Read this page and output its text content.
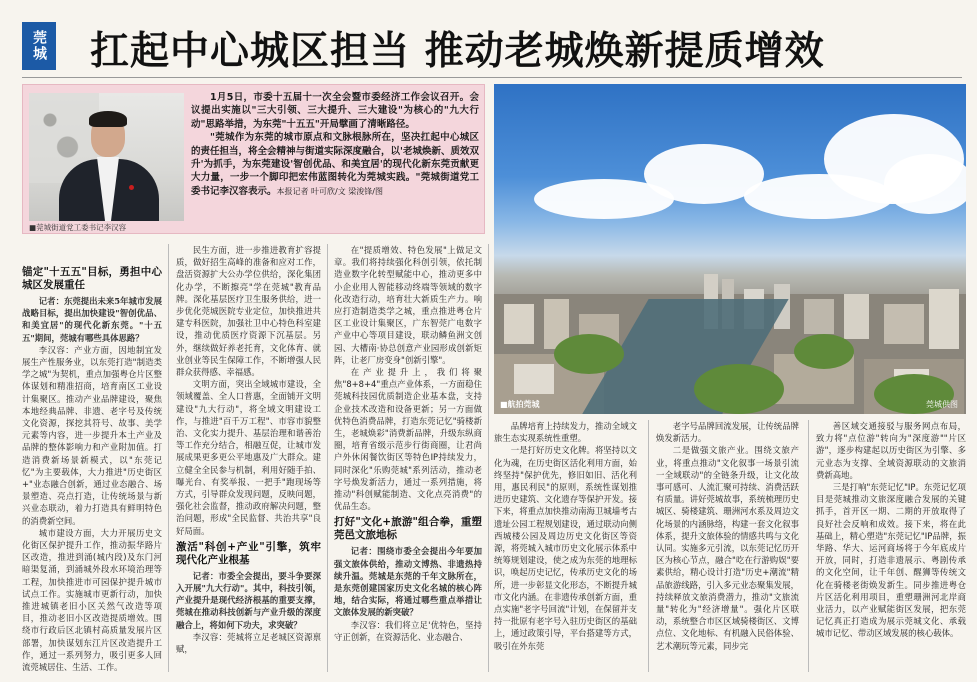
莞城 扛起中心城区担当 推动老城焕新提质增效
■莞城街道党工委书记李汉容

1月5日，市委十五届十一次全会暨市委经济工作会议召开。会议提出实施以"三大引领、三大提升、三大建设"为核心的"九大行动"思路举措，为东莞"十五五"开局擘画了清晰路径。

"莞城作为东莞的城市原点和文脉根脉所在，坚决扛起中心城区的责任担当，将全会精神与街道实际深度融合，以'老城焕新、质效双升'为抓手，为东莞建设'智创优品、和美宜居'的现代化新东莞贡献更大力量，一步一个脚印把宏伟蓝图转化为莞城实践。"莞城街道党工委书记李汉容表示。本报记者 叶可欣/文 梁浚锋/图

■航拍莞城	莞城供图
锚定"十五五"目标，勇担中心城区发展重任

记者：东莞提出未来5年城市发展战略目标，提出加快建设"智创优品、和美宜居"的现代化新东莞。"十五五"期间，莞城有哪些具体思路？

李汉容：产业方面，因地制宜发展生产性服务业，以东莞打造"制造类学之城"为契机，重点加强粤仓片区整体谋划和精准招商，培育南区工业设计集聚区。推动产业品牌建设，聚焦本地经典品牌、非遗、老字号及传统文化资源，探挖其符号、故事、美学元素等内容，进一步提升本土产业及品牌的整体影响力和产业附加值。打造消费新场景新模式，以"东莞记忆"为主要载体，大力推进"历史街区+"业态融合创新，通过业态融合、场景塑造、亮点打造，让传统场景与新兴业态联动，着力打造具有鲜明特色的消费新空间。

城市建设方面，大力开展历史文化街区保护提升工作，推动振华路片区改造，推进到涌(城内段)及东门河暗渠复涌，到涌城外段水环境治理等工程，加快推进市可园保护提升城市试点工作。实施城市更新行动，加快推进城镇老旧小区关然气改造等项目，推动老旧小区改造提质增效。围绕市行政后区北镇村高质量发展片区部署，加快谋划东江片区改造提升工作，通过一系列努力，吸引更多人回流莞城居住、生活、工作。

民生方面，进一步推进教育扩容提质，做好招生高峰的准备和应对工作，盘活资源扩大公办学位供给，深化集团化办学，不断擦亮"学在莞城"教育品牌。深化基层医疗卫生服务供给，进一步优化莞城医院专业定位，加快推进共建专科医院，加强社卫中心特色科室建设，推动优质医疗资源下沉基层。另外，继续做好养老托育，文化体育、就业创业等民生保障工作，不断增强人民群众获得感、幸福感。

文明方面，突出全域城市建设，全领域覆盖、全人口普惠，全面铺开文明建设"九大行动"，将全域文明建设工作，与推进"百千万工程"、市容市貌整治、文化实力提升、基层治理和谐善治等工作充分结合，相融互促，让城市发展成果更多更公平地惠及广大群众。建立健全全民参与机制，利用好随手拍、曝光台、有奖举报、一把手"跑现场等方式，引导群众发现问题，反映问题，强化社会监督，推动政府解决问题，整治问题，形成"全民监督、共治共享"良好局面。

激活"科创+产业"引擎，筑牢现代化产业根基

记者：市委全会提出，要斗争要深入开展"九大行动"。其中，科技引领，产业提升是现代经济根基的重要支撑，莞城在推动科技创新与产业升级的深度融合上，将如何下功夫，求突破？

李汉容：莞城将立足老城区资源禀赋，

在"提质增效、特色发展"上做足文章。我们将持续强化科创引领，依托制造业数字化转型赋能中心，推动更多中小企业用人智能移动终端等领域的数字化改造行动，培育壮大新质生产力。响应打造制造类学之城，重点推进粤仓片区工业设计集聚区，广东智莞广电数字产业中心等项目建设，联动鳞鱼洲文创园、大槽南·协总创意产业园形成创新矩阵，让老厂房变身"创新引擎"。

在产业提升上，我们将聚焦"8+8+4"重点产业体系，一方面稳住莞城科技园优质制造企业基本盘，支持企业技术改造和设备更新；另一方面做优特色消费品牌，打造东莞记忆"骑楼新生，老城焕彩"消费新品牌，升级东纵商圈，培育省级示范步行街商圈，让君尚户外休闲餐饮街区等特色IP持续发力，同时深化"乐购莞城"系列活动，推动老字号焕发新活力，通过一系列措施，将推动"科创赋能制造、文化点亮消费"的优品生态。

打好"文化+旅游"组合拳，重塑莞邑文旅地标

记者：围绕市委全会提出今年要加强文旅体供给，推动文博热、非遗热持续升温。莞城是东莞的千年文脉所在，是东莞创建国家历史文化名城的核心阵地，结合实际，将通过哪些重点举措让文旅体发展的新突破？

李汉容：我们将立足'优特色，坚持守正创新，在资源活化、业态融合、

品牌培育上持续发力，推动全域文旅生态实现系统性重塑。

一是打好历史文化牌。将坚持以文化为魂，在历史街区活化利用方面，始终坚持"保护优先，修旧如旧、活化利用，惠民利民"的原则，系统性谋划推进历史建筑、文化遗存等保护开发。接下来，将重点加快推动南海卫城墙考古遗址公园工程规划建设，通过联动向侧西城楼公园及周边历史文化街区等资源，将莞城入城市历史文化展示体系中统筹规划建设，使之成为东莞的地理标识，唤起历史记忆，传承历史文化的场所，进一步彰显文化形态，不断提升城市文化内涵。在非遗传承创新方面，重点实施"老字号回流"计划，在保留并支持一批原有老字号入驻历史街区的基础上，通过政策引导，平台搭建等方式，吸引在外东莞

老字号品牌回流发展，让传统品牌焕发新活力。

二是做强文旅产业。围绕文旅产业，将重点推动"文化叙事一场景引流一全域联动"的全链条升级，让文化故事可感可、人流汇聚可持续、消费活跃有质量。讲好莞城故事，系统梳理历史城区、骑楼建筑、珊洲河水系及周边文化场景的内涵脉络，构建一套文化叙事体系，提升文旅体验的情感共鸣与文化认同。实施多元引流，以东莞记忆历开区为核心节点，融合"吃在行游购娱"要素供给，精心设计打造"历史+潮流"精品旅游线路，引入多元业态聚集发展，持续释放文旅消费潜力，推动"文旅流量"转化为"经济增量"。强化片区联动，系统整合市区区域骑楼街区、文博点位、文化地标、有机融入民俗体验、艺术潮玩等元素，同步完

善区域交通接驳与服务网点布局，致力将"点位游"转向为"深度游""片区游"，逐步构建起以历史街区为引擎、多元业态为支撑、全域资源联动的文旅消费新高地。

三是打响"东莞记忆"IP。东莞记忆项目是莞城推动文旅深度融合发展的关键抓手，首开区一期、二期的开放取得了良好社会反响和成效。接下来，将在此基础上，精心塑造"东莞记忆"IP品牌，振华路、华大、运河商场将于今年底成片开放，同时，打造非遗展示、粤剧传承的文化空间，让千年创、醒狮等传统文化在骑楼老街焕发新生。同步推进粤仓片区活化利用项目，重塑珊洲河北岸商业活力，以产业赋能街区发展，把东莞记忆真正打造成为展示莞城文化、承载城市记忆、带动区域发展的核心载体。
